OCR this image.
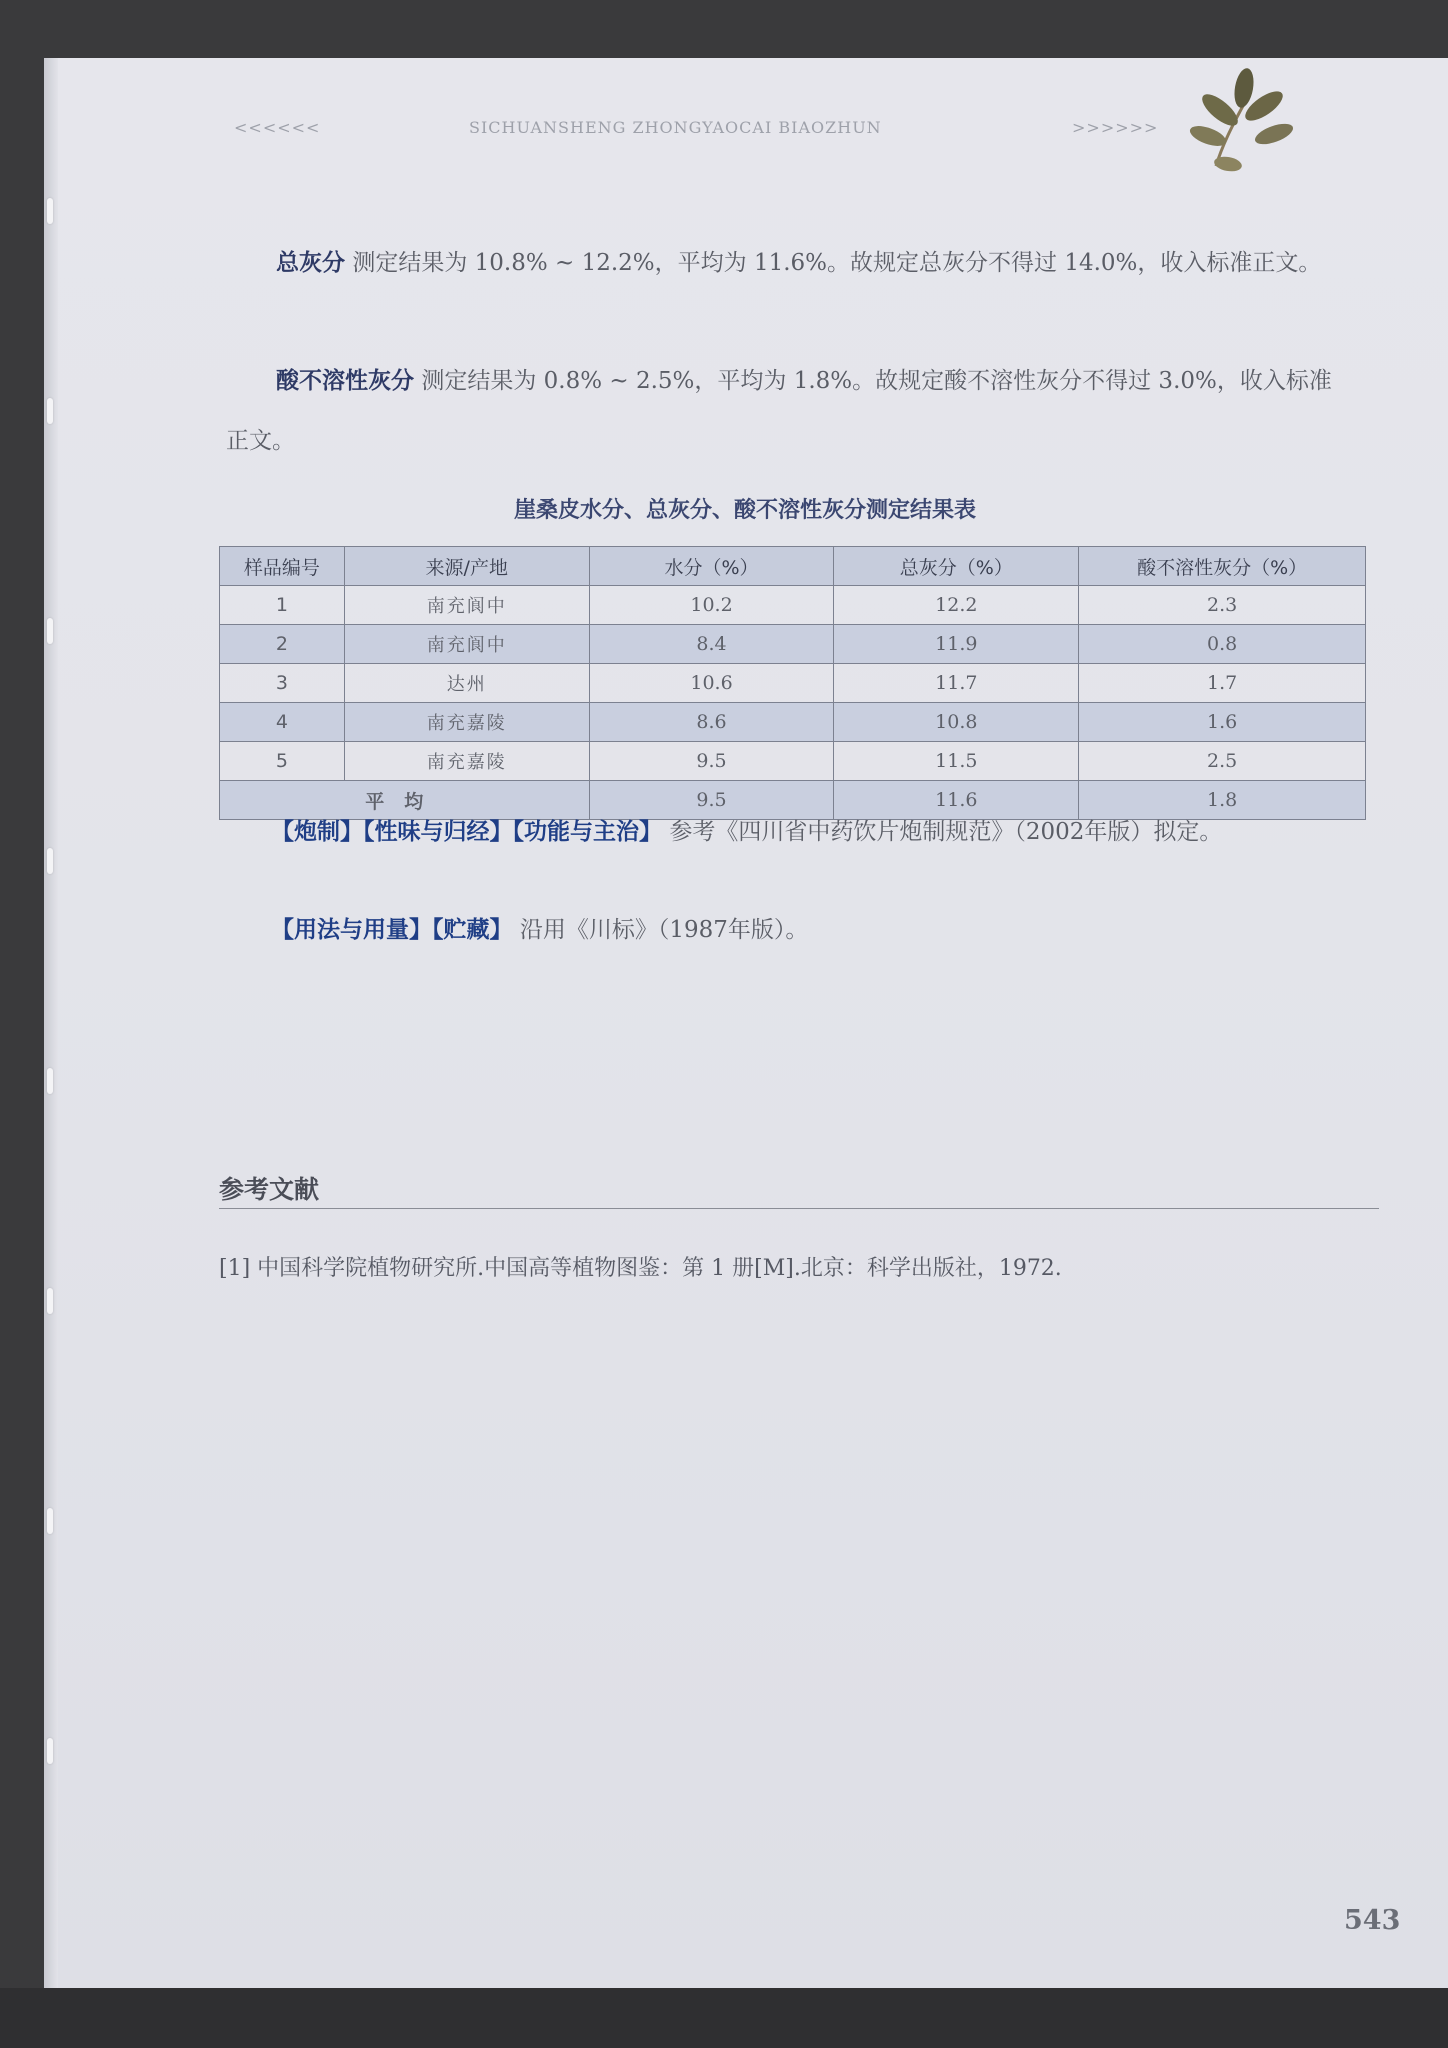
<<<<<<	SICHUANSHENG ZHONGYAOCAI BIAOZHUN	>>>>>>

总灰分 测定结果为 10.8% ~ 12.2%，平均为 11.6%。故规定总灰分不得过 14.0%，收入标准正文。

酸不溶性灰分 测定结果为 0.8% ~ 2.5%，平均为 1.8%。故规定酸不溶性灰分不得过 3.0%，收入标准正文。

崖桑皮水分、总灰分、酸不溶性灰分测定结果表
样品编号	来源/产地	水分（%）	总灰分（%）	酸不溶性灰分（%）
1	南充阆中	10.2	12.2	2.3
2	南充阆中	8.4	11.9	0.8
3	达州	10.6	11.7	1.7
4	南充嘉陵	8.6	10.8	1.6
5	南充嘉陵	9.5	11.5	2.5
平均		9.5	11.6	1.8

【炮制】【性味与归经】【功能与主治】 参考《四川省中药饮片炮制规范》（2002年版）拟定。

【用法与用量】【贮藏】 沿用《川标》（1987年版）。

参考文献
[1] 中国科学院植物研究所.中国高等植物图鉴：第 1 册[M].北京：科学出版社，1972.
543
